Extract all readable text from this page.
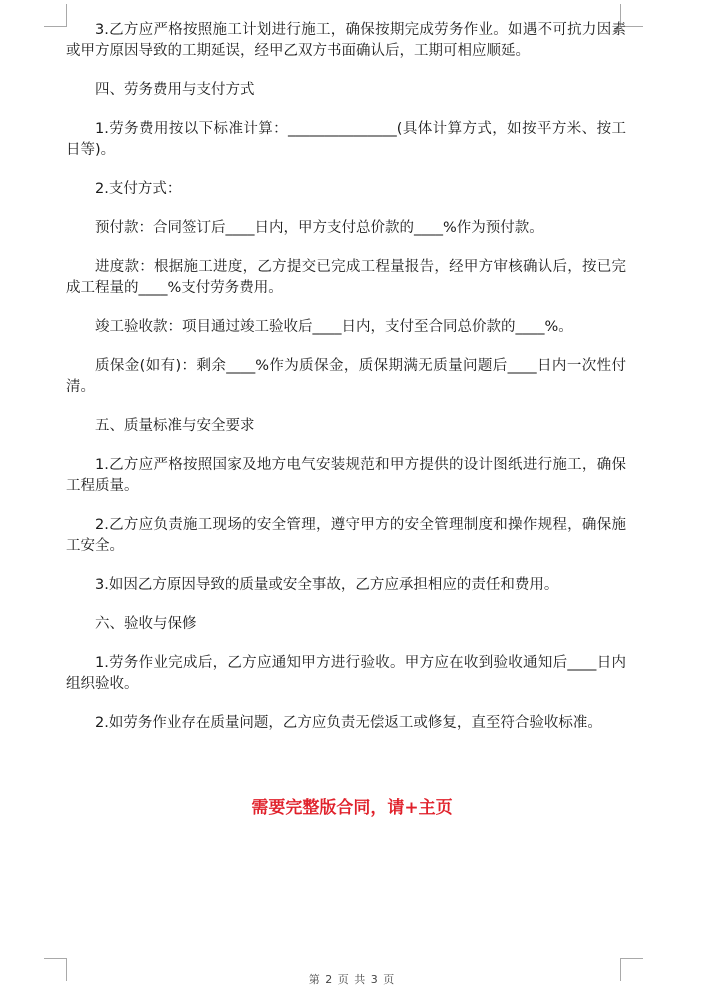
3.乙方应严格按照施工计划进行施工，确保按期完成劳务作业。如遇不可抗力因素或甲方原因导致的工期延误，经甲乙双方书面确认后，工期可相应顺延。

四、劳务费用与支付方式

1.劳务费用按以下标准计算：_______________(具体计算方式，如按平方米、按工日等)。

2.支付方式：

预付款：合同签订后____日内，甲方支付总价款的____%作为预付款。

进度款：根据施工进度，乙方提交已完成工程量报告，经甲方审核确认后，按已完成工程量的____%支付劳务费用。

竣工验收款：项目通过竣工验收后____日内，支付至合同总价款的____%。

质保金(如有)：剩余____%作为质保金，质保期满无质量问题后____日内一次性付清。

五、质量标准与安全要求

1.乙方应严格按照国家及地方电气安装规范和甲方提供的设计图纸进行施工，确保工程质量。

2.乙方应负责施工现场的安全管理，遵守甲方的安全管理制度和操作规程，确保施工安全。

3.如因乙方原因导致的质量或安全事故，乙方应承担相应的责任和费用。

六、验收与保修

1.劳务作业完成后，乙方应通知甲方进行验收。甲方应在收到验收通知后____日内组织验收。

2.如劳务作业存在质量问题，乙方应负责无偿返工或修复，直至符合验收标准。

需要完整版合同，请+主页
第 2 页 共 3 页
